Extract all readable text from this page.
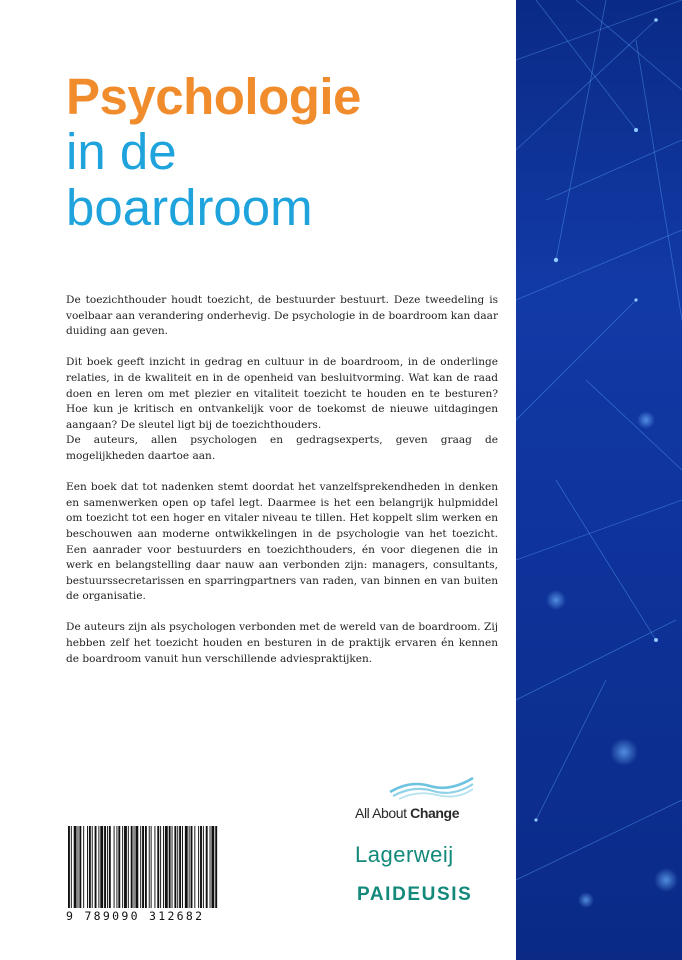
Psychologie
in de
boardroom

De toezichthouder houdt toezicht, de bestuurder bestuurt. Deze tweedeling is voelbaar aan verandering onderhevig. De psychologie in de boardroom kan daar duiding aan geven.

Dit boek geeft inzicht in gedrag en cultuur in de boardroom, in de onderlinge relaties, in de kwaliteit en in de openheid van besluitvorming. Wat kan de raad doen en leren om met plezier en vitaliteit toezicht te houden en te besturen? Hoe kun je kritisch en ontvankelijk voor de toekomst de nieuwe uitdagingen aangaan? De sleutel ligt bij de toezichthouders.

De auteurs, allen psychologen en gedragsexperts, geven graag de mogelijkheden daartoe aan.

Een boek dat tot nadenken stemt doordat het vanzelfsprekendheden in denken en samenwerken open op tafel legt. Daarmee is het een belangrijk hulpmiddel om toezicht tot een hoger en vitaler niveau te tillen. Het koppelt slim werken en beschouwen aan moderne ontwikkelingen in de psychologie van het toezicht. Een aanrader voor bestuurders en toezichthouders, én voor diegenen die in werk en belangstelling daar nauw aan verbonden zijn: managers, consultants, bestuurssecretarissen en sparringpartners van raden, van binnen en van buiten de organisatie.

De auteurs zijn als psychologen verbonden met de wereld van de boardroom. Zij hebben zelf het toezicht houden en besturen in de praktijk ervaren én kennen de boardroom vanuit hun verschillende adviespraktijken.

9 789090 312682
All About Change
Lagerweij
PAIDEUSIS
